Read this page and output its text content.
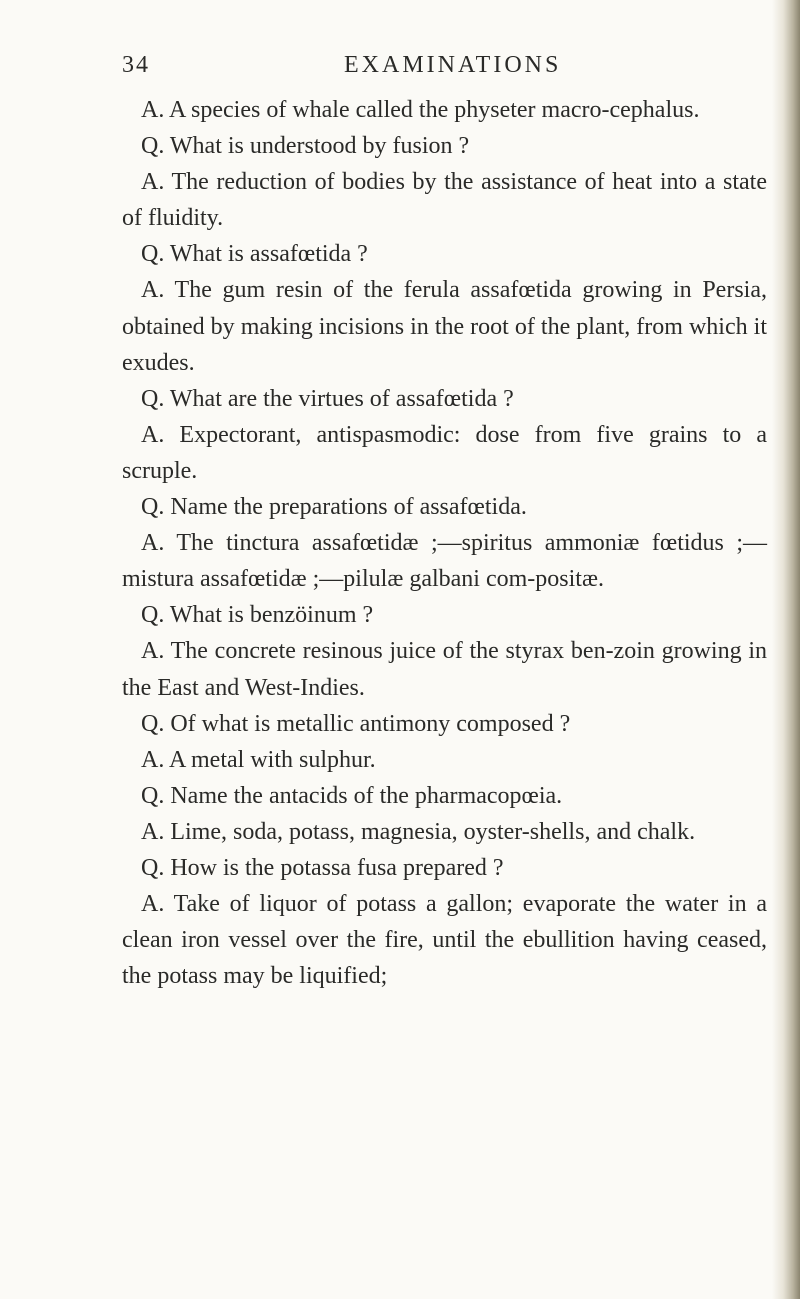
34	EXAMINATIONS

A. A species of whale called the physeter macro-cephalus.

Q. What is understood by fusion ?

A. The reduction of bodies by the assistance of heat into a state of fluidity.

Q. What is assafœtida ?

A. The gum resin of the ferula assafœtida growing in Persia, obtained by making incisions in the root of the plant, from which it exudes.

Q. What are the virtues of assafœtida ?

A. Expectorant, antispasmodic: dose from five grains to a scruple.

Q. Name the preparations of assafœtida.

A. The tinctura assafœtidæ ;—spiritus ammoniæ fœtidus ;—mistura assafœtidæ ;—pilulæ galbani com-positæ.

Q. What is benzöinum ?

A. The concrete resinous juice of the styrax ben-zoin growing in the East and West-Indies.

Q. Of what is metallic antimony composed ?

A. A metal with sulphur.

Q. Name the antacids of the pharmacopœia.

A. Lime, soda, potass, magnesia, oyster-shells, and chalk.

Q. How is the potassa fusa prepared ?

A. Take of liquor of potass a gallon; evaporate the water in a clean iron vessel over the fire, until the ebullition having ceased, the potass may be liquified;
